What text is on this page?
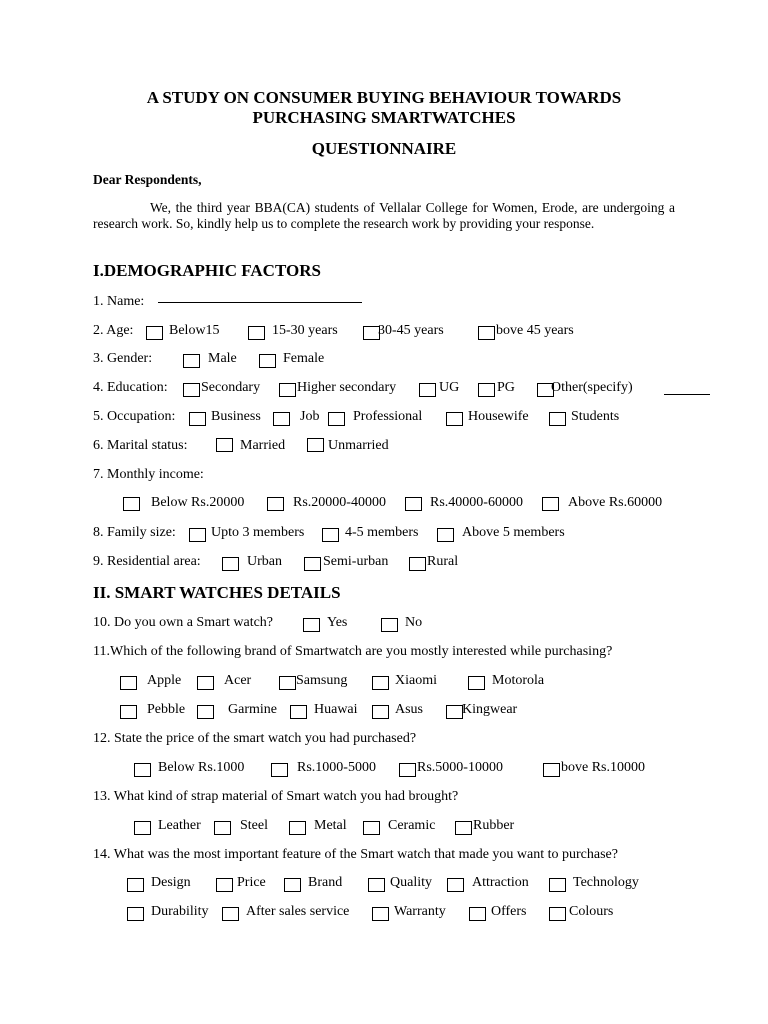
A STUDY ON CONSUMER BUYING BEHAVIOUR TOWARDS
PURCHASING SMARTWATCHES
QUESTIONNAIRE
Dear Respondents,
We, the third year BBA(CA) students of Vellalar College for Women, Erode, are undergoing a research work. So, kindly help us to complete the research work by providing your response.
I.DEMOGRAPHIC FACTORS
1. Name:
2. Age:	Below15	15-30 years	30-45 years	bove 45 years
3. Gender:	Male	Female
4. Education: Secondary	Higher secondary	UG	PG	Other(specify)
5. Occupation:	Business	Job Professional	Housewife	Students
6. Marital status:	Married	Unmarried
7. Monthly income:
Below Rs.20000	Rs.20000-40000	Rs.40000-60000	Above Rs.60000
8. Family size:	Upto 3 members	4-5 members	Above 5 members
9. Residential area:	Urban	Semi-urban	Rural
II. SMART WATCHES DETAILS
10. Do you own a Smart watch?	Yes	No
11.Which of the following brand of Smartwatch are you mostly interested while purchasing?
Apple	Acer	Samsung	Xiaomi	Motorola
Pebble	Garmine	Huawai	Asus	Kingwear
12. State the price of the smart watch you had purchased?
Below Rs.1000	Rs.1000-5000	Rs.5000-10000	bove Rs.10000
13. What kind of strap material of Smart watch you had brought?
Leather	Steel	Metal	Ceramic	Rubber
14. What was the most important feature of the Smart watch that made you want to purchase?
Design	Price	Brand	Quality	Attraction	Technology
Durability	After sales service	Warranty	Offers	Colours
